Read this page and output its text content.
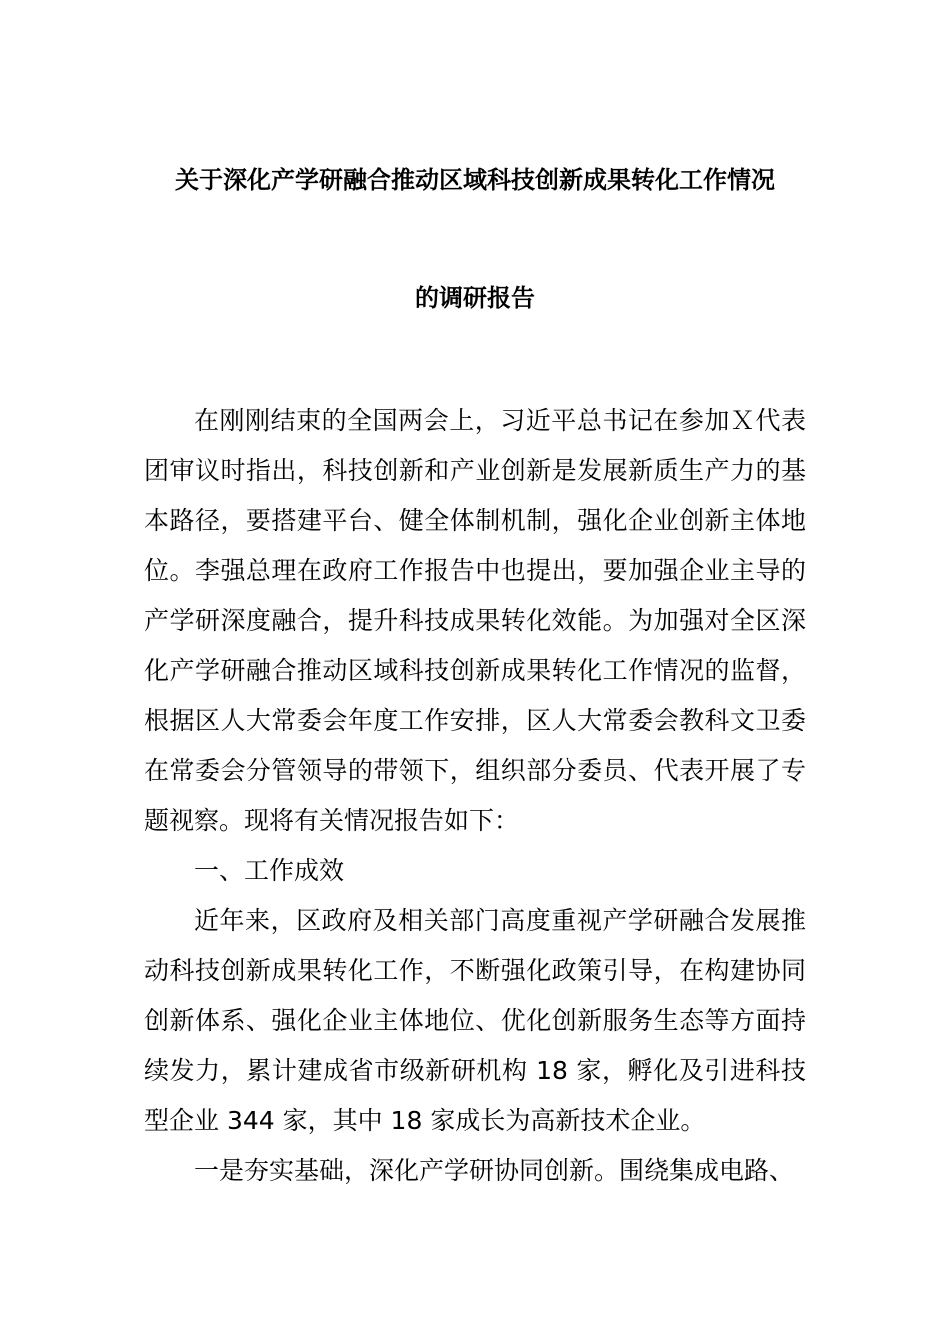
关于深化产学研融合推动区域科技创新成果转化工作情况
的调研报告

在刚刚结束的全国两会上，习近平总书记在参加Ｘ代表团审议时指出，科技创新和产业创新是发展新质生产力的基本路径，要搭建平台、健全体制机制，强化企业创新主体地位。李强总理在政府工作报告中也提出，要加强企业主导的产学研深度融合，提升科技成果转化效能。为加强对全区深化产学研融合推动区域科技创新成果转化工作情况的监督，根据区人大常委会年度工作安排，区人大常委会教科文卫委在常委会分管领导的带领下，组织部分委员、代表开展了专题视察。现将有关情况报告如下：

一、工作成效

近年来，区政府及相关部门高度重视产学研融合发展推动科技创新成果转化工作，不断强化政策引导，在构建协同创新体系、强化企业主体地位、优化创新服务生态等方面持续发力，累计建成省市级新研机构 18 家，孵化及引进科技型企业 344 家，其中 18 家成长为高新技术企业。

一是夯实基础，深化产学研协同创新。围绕集成电路、
